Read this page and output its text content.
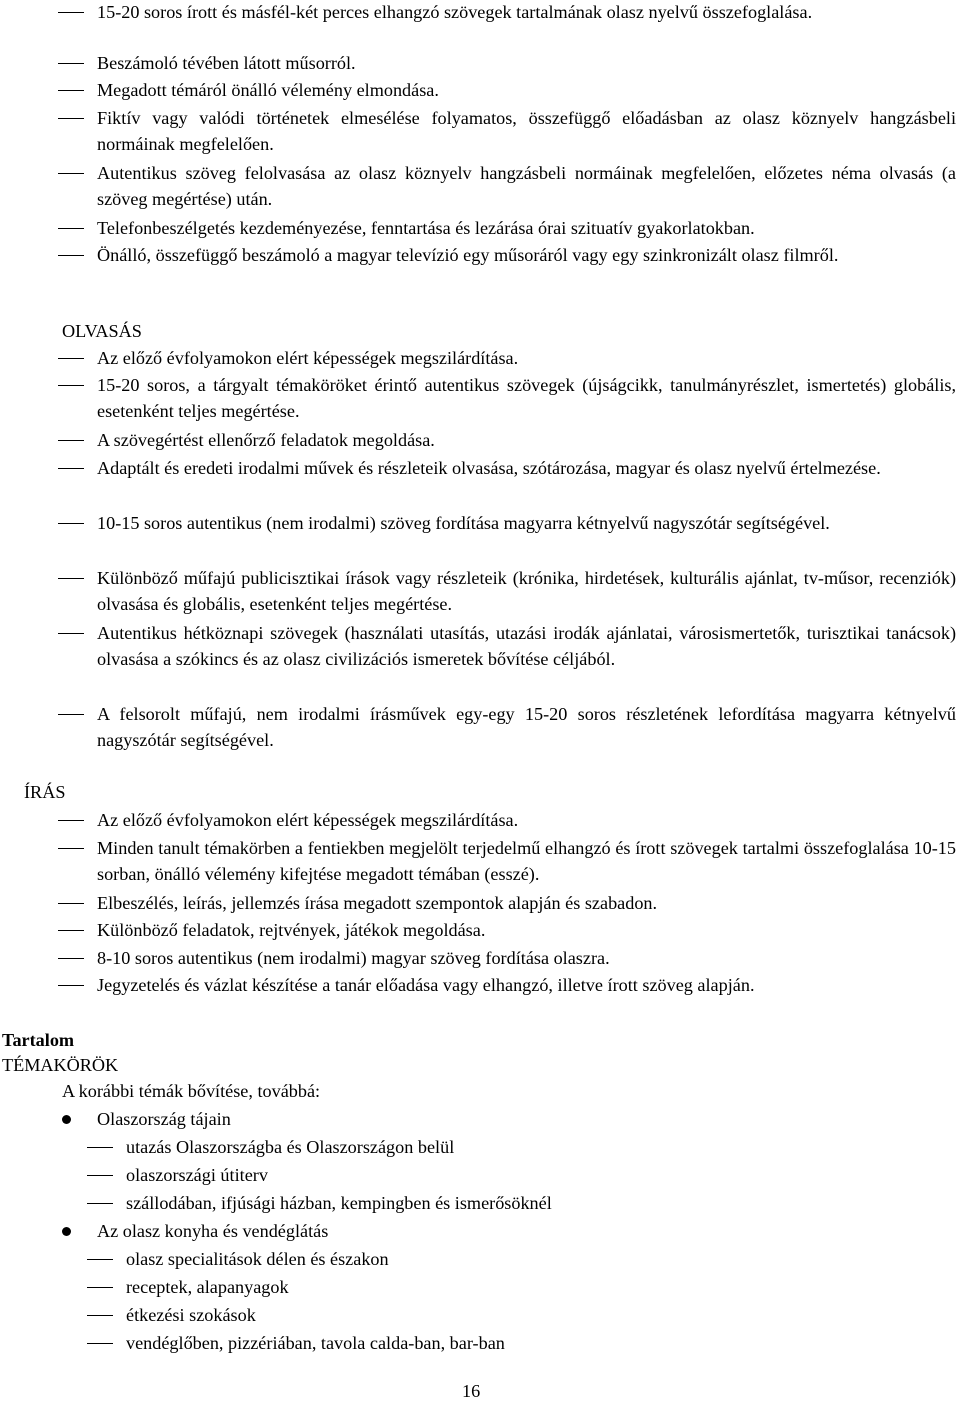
15-20 soros írott és másfél-két perces elhangzó szövegek tartalmának olasz nyelvű összefoglalása.
Beszámoló tévében látott műsorról.
Megadott témáról önálló vélemény elmondása.
Fiktív vagy valódi történetek elmesélése folyamatos, összefüggő előadásban az olasz köznyelv hangzásbeli normáinak megfelelően.
Autentikus szöveg felolvasása az olasz köznyelv hangzásbeli normáinak megfelelően, előzetes néma olvasás (a szöveg megértése) után.
Telefonbeszélgetés kezdeményezése, fenntartása és lezárása órai szituatív gyakorlatokban.
Önálló, összefüggő beszámoló a magyar televízió egy műsoráról vagy egy szinkronizált olasz filmről.
OLVASÁS
Az előző évfolyamokon elért képességek megszilárdítása.
15-20 soros, a tárgyalt témaköröket érintő autentikus szövegek (újságcikk, tanulmányrészlet, ismertetés) globális, esetenként teljes megértése.
A szövegértést ellenőrző feladatok megoldása.
Adaptált és eredeti irodalmi művek és részleteik olvasása, szótározása, magyar és olasz nyelvű értelmezése.
10-15 soros autentikus (nem irodalmi) szöveg fordítása magyarra kétnyelvű nagyszótár segítségével.
Különböző műfajú publicisztikai írások vagy részleteik (krónika, hirdetések, kulturális ajánlat, tv-műsor, recenziók) olvasása és globális, esetenként teljes megértése.
Autentikus hétköznapi szövegek (használati utasítás, utazási irodák ajánlatai, városismertetők, turisztikai tanácsok) olvasása a szókincs és az olasz civilizációs ismeretek bővítése céljából.
A felsorolt műfajú, nem irodalmi írásművek egy-egy 15-20 soros részletének lefordítása magyarra kétnyelvű nagyszótár segítségével.
ÍRÁS
Az előző évfolyamokon elért képességek megszilárdítása.
Minden tanult témakörben a fentiekben megjelölt terjedelmű elhangzó és írott szövegek tartalmi összefoglalása 10-15 sorban, önálló vélemény kifejtése megadott témában (esszé).
Elbeszélés, leírás, jellemzés írása megadott szempontok alapján és szabadon.
Különböző feladatok, rejtvények, játékok megoldása.
8-10 soros autentikus (nem irodalmi) magyar szöveg fordítása olaszra.
Jegyzetelés és vázlat készítése a tanár előadása vagy elhangzó, illetve írott szöveg alapján.
Tartalom
TÉMAKÖRÖK
A korábbi témák bővítése, továbbá:
Olaszország tájain
utazás Olaszországba és Olaszországon belül
olaszországi útiterv
szállodában, ifjúsági házban, kempingben és ismerősöknél
Az olasz konyha és vendéglátás
olasz specialitások délen és északon
receptek, alapanyagok
étkezési szokások
vendéglőben, pizzériában, tavola calda-ban, bar-ban
16
